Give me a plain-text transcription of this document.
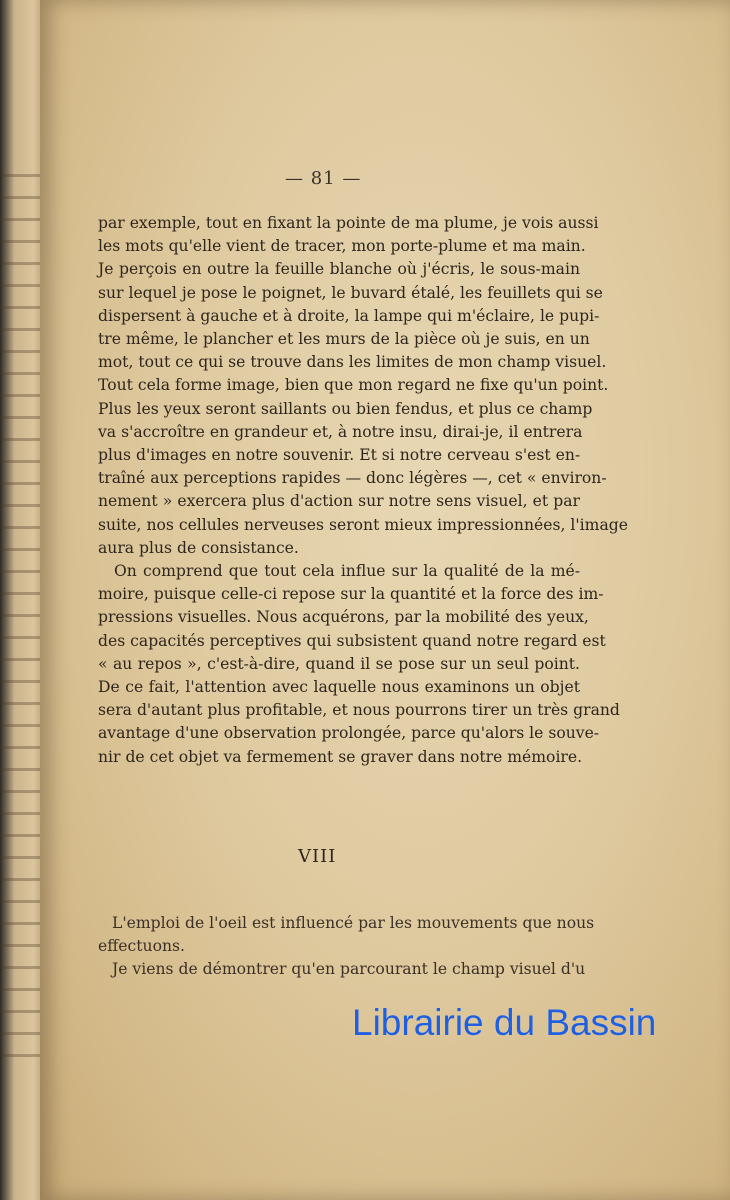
— 81 —

par exemple, tout en fixant la pointe de ma plume, je vois aussi
les mots qu'elle vient de tracer, mon porte-plume et ma main.
Je perçois en outre la feuille blanche où j'écris, le sous-main
sur lequel je pose le poignet, le buvard étalé, les feuillets qui se
dispersent à gauche et à droite, la lampe qui m'éclaire, le pupi-
tre même, le plancher et les murs de la pièce où je suis, en un
mot, tout ce qui se trouve dans les limites de mon champ visuel.
Tout cela forme image, bien que mon regard ne fixe qu'un point.
Plus les yeux seront saillants ou bien fendus, et plus ce champ
va s'accroître en grandeur et, à notre insu, dirai-je, il entrera
plus d'images en notre souvenir. Et si notre cerveau s'est en-
traîné aux perceptions rapides — donc légères —, cet « environ-
nement » exercera plus d'action sur notre sens visuel, et par
suite, nos cellules nerveuses seront mieux impressionnées, l'image
aura plus de consistance.

On comprend que tout cela influe sur la qualité de la mé-
moire, puisque celle-ci repose sur la quantité et la force des im-
pressions visuelles. Nous acquérons, par la mobilité des yeux,
des capacités perceptives qui subsistent quand notre regard est
« au repos », c'est-à-dire, quand il se pose sur un seul point.
De ce fait, l'attention avec laquelle nous examinons un objet
sera d'autant plus profitable, et nous pourrons tirer un très grand
avantage d'une observation prolongée, parce qu'alors le souve-
nir de cet objet va fermement se graver dans notre mémoire.

VIII
L'emploi de l'oeil est influencé par les mouvements que nous
effectuons.
Je viens de démontrer qu'en parcourant le champ visuel d'u
Librairie du Bassin
